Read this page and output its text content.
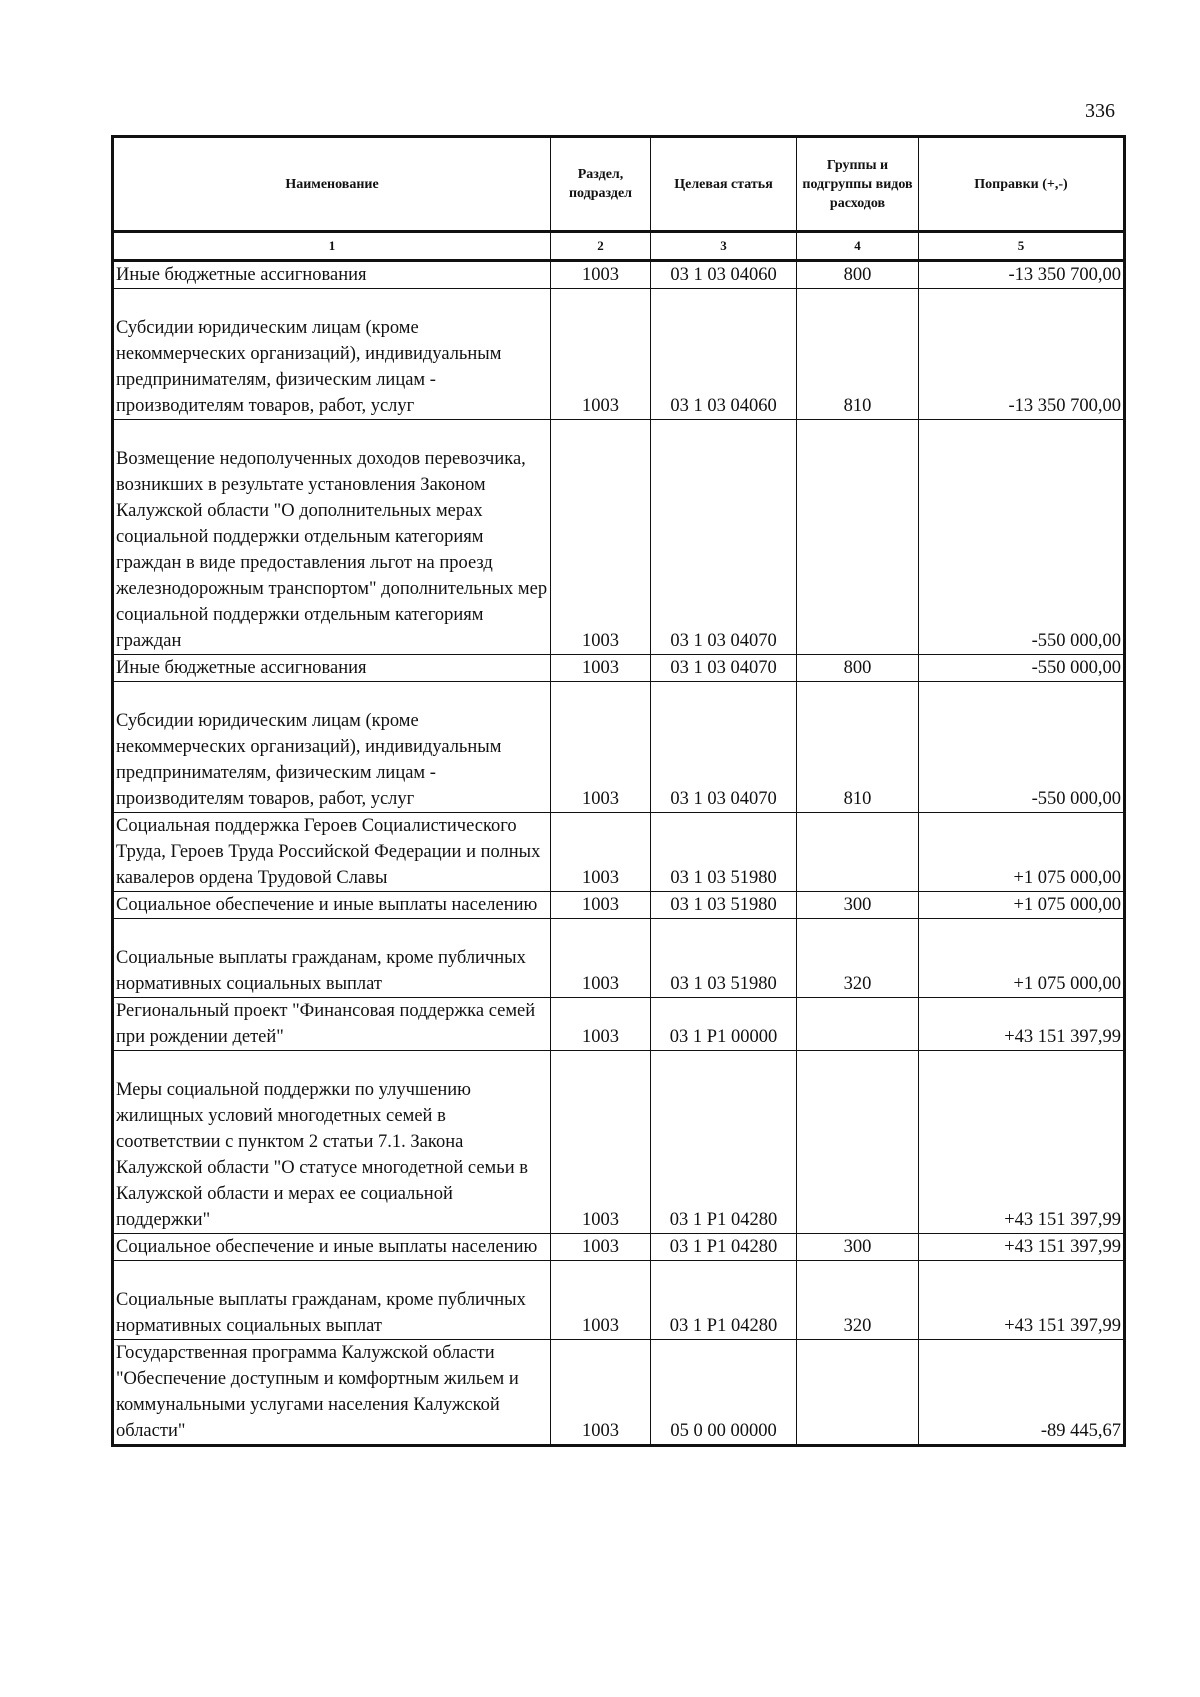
336
Наименование	Раздел, подраздел	Целевая статья	Группы и подгруппы видов расходов	Поправки (+,-)
1	2	3	4	5
Иные бюджетные ассигнования	1003	03 1 03 04060	800	-13 350 700,00

Субсидии юридическим лицам (кроме некоммерческих организаций), индивидуальным предпринимателям, физическим лицам - производителям товаров, работ, услуг	1003	03 1 03 04060	810	-13 350 700,00

Возмещение недополученных доходов перевозчика, возникших в результате установления Законом Калужской области "О дополнительных мерах социальной поддержки отдельным категориям граждан в виде предоставления льгот на проезд железнодорожным транспортом" дополнительных мер социальной поддержки отдельным категориям граждан	1003	03 1 03 04070		-550 000,00
Иные бюджетные ассигнования	1003	03 1 03 04070	800	-550 000,00

Субсидии юридическим лицам (кроме некоммерческих организаций), индивидуальным предпринимателям, физическим лицам - производителям товаров, работ, услуг	1003	03 1 03 04070	810	-550 000,00
Социальная поддержка Героев Социалистического Труда, Героев Труда Российской Федерации и полных кавалеров ордена Трудовой Славы	1003	03 1 03 51980		+1 075 000,00
Социальное обеспечение и иные выплаты населению	1003	03 1 03 51980	300	+1 075 000,00

Социальные выплаты гражданам, кроме публичных нормативных социальных выплат	1003	03 1 03 51980	320	+1 075 000,00
Региональный проект "Финансовая поддержка семей при рождении детей"	1003	03 1 P1 00000		+43 151 397,99

Меры социальной поддержки по улучшению жилищных условий многодетных семей в соответствии с пунктом 2 статьи 7.1. Закона Калужской области "О статусе многодетной семьи в Калужской области и мерах ее социальной поддержки"	1003	03 1 P1 04280		+43 151 397,99
Социальное обеспечение и иные выплаты населению	1003	03 1 P1 04280	300	+43 151 397,99

Социальные выплаты гражданам, кроме публичных нормативных социальных выплат	1003	03 1 P1 04280	320	+43 151 397,99
Государственная программа Калужской области "Обеспечение доступным и комфортным жильем и коммунальными услугами населения Калужской области"	1003	05 0 00 00000		-89 445,67
